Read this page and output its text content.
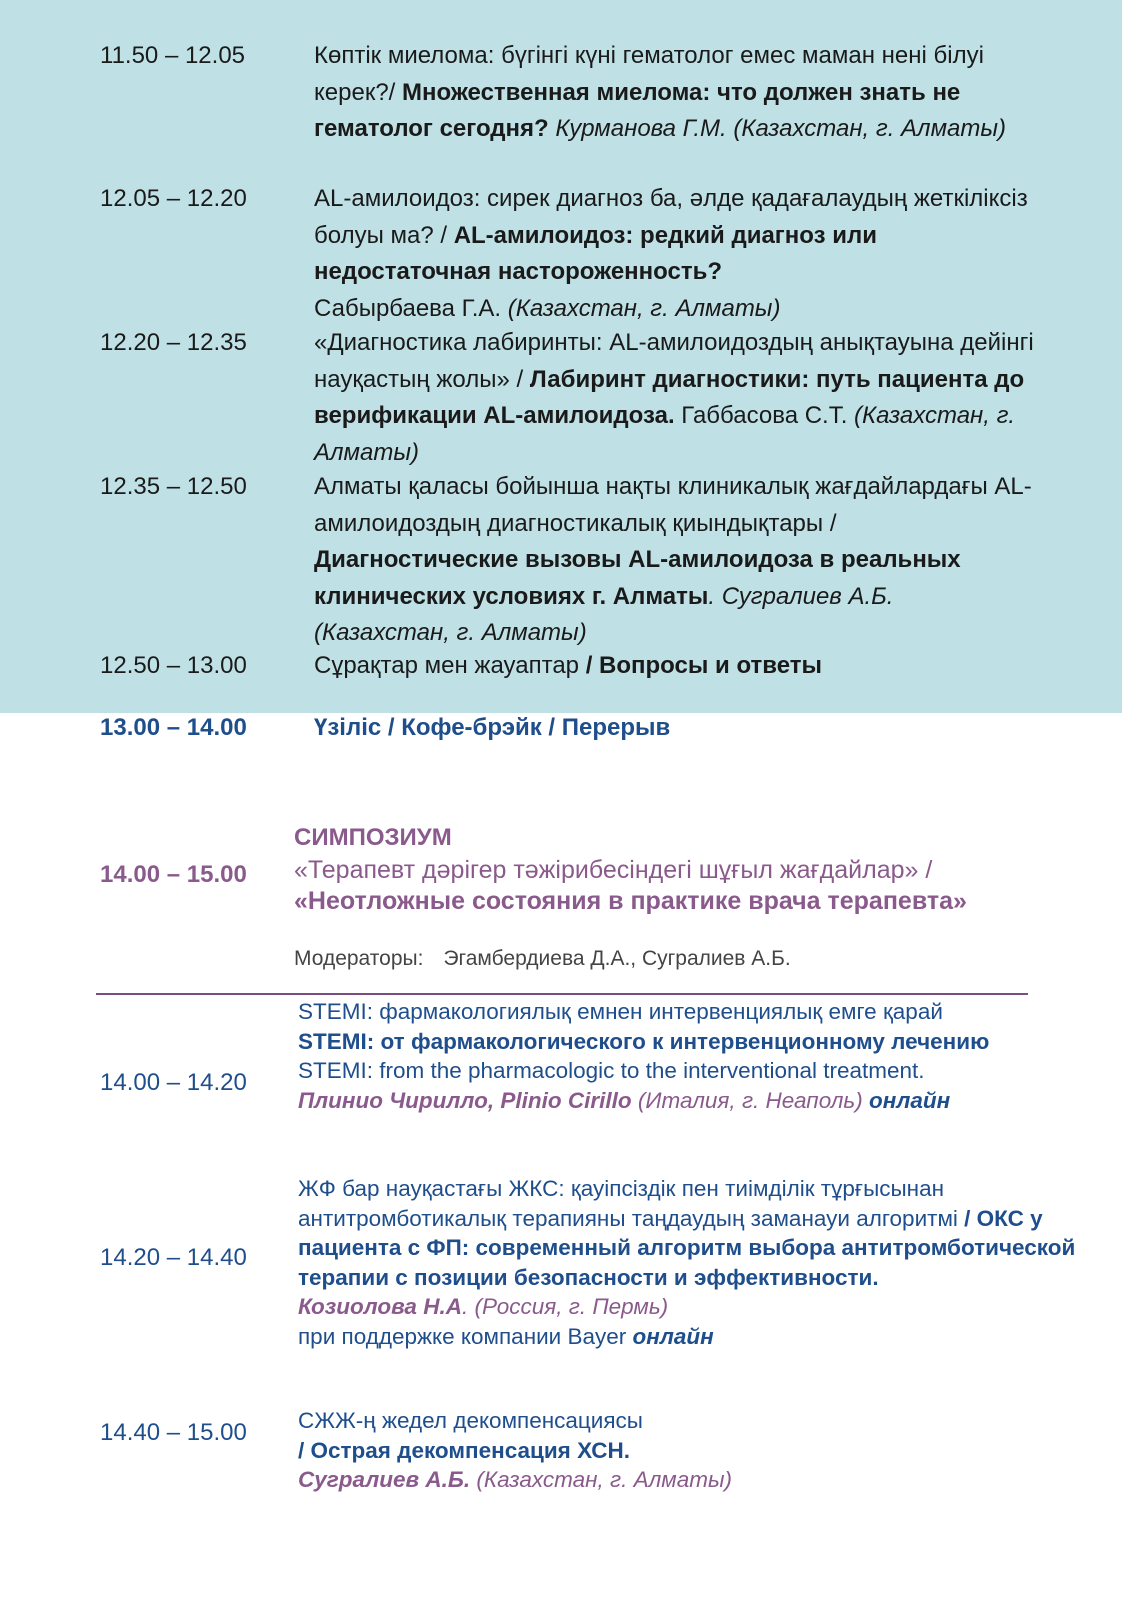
11.50 – 12.05	Көптік миелома: бүгінгі күні гематолог емес маман нені білуі керек?/ Множественная миелома: что должен знать не гематолог сегодня? Курманова Г.М. (Казахстан, г. Алматы)
12.05 – 12.20	AL-амилоидоз: сирек диагноз ба, әлде қадағалаудың жеткіліксіз болуы ма? / AL-амилоидоз: редкий диагноз или недостаточная настороженность?
Сабырбаева Г.А. (Казахстан, г. Алматы)
12.20 – 12.35	«Диагностика лабиринты: AL-амилоидоздың анықтауына дейінгі науқастың жолы» / Лабиринт диагностики: путь пациента до верификации AL-амилоидоза. Габбасова С.Т. (Казахстан, г. Алматы)
12.35 – 12.50	Алматы қаласы бойынша нақты клиникалық жағдайлардағы AL-амилоидоздың диагностикалық қиындықтары / Диагностические вызовы AL-амилоидоза в реальных клинических условиях г. Алматы. Сугралиев А.Б. (Казахстан, г. Алматы)
12.50 – 13.00	Сұрақтар мен жауаптар / Вопросы и ответы
13.00 – 14.00	Үзіліс / Кофе-брэйк / Перерыв
СИМПОЗИУМ
14.00 – 15.00 «Терапевт дәрігер тәжірибесіндегі шұғыл жағдайлар» /
«Неотложные состояния в практике врача терапевта»
Модераторы: Эгамбердиева Д.А., Сугралиев А.Б.
14.00 – 14.20
STEMI: фармакологиялық емнен интервенциялық емге қарай
STEMI: от фармакологического к интервенционному лечению
STEMI: from the pharmacologic to the interventional treatment.
Плинио Чирилло, Plinio Cirillo (Италия, г. Неаполь) онлайн
14.20 – 14.40
ЖФ бар науқастағы ЖКС: қауіпсіздік пен тиімділік тұрғысынан антитромботикалық терапияны таңдаудың заманауи алгоритмі / ОКС у пациента с ФП: современный алгоритм выбора антитромботической терапии с позиции безопасности и эффективности.
Козиолова Н.А. (Россия, г. Пермь)
при поддержке компании Bayer онлайн
14.40 – 15.00 СЖЖ-ң жедел декомпенсациясы
/ Острая декомпенсация ХСН.
Сугралиев А.Б. (Казахстан, г. Алматы)
